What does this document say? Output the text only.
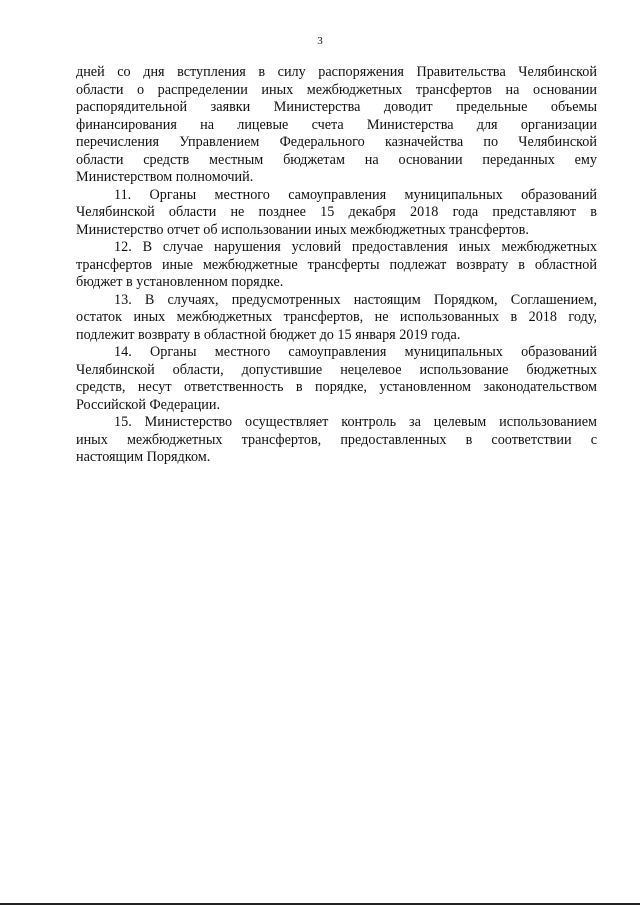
3
дней со дня вступления в силу распоряжения Правительства Челябинской
области о распределении иных межбюджетных трансфертов на основании
распорядительной заявки Министерства доводит предельные объемы
финансирования на лицевые счета Министерства для организации
перечисления Управлением Федерального казначейства по Челябинской
области средств местным бюджетам на основании переданных ему
Министерством полномочий.
11. Органы местного самоуправления муниципальных образований
Челябинской области не позднее 15 декабря 2018 года представляют в
Министерство отчет об использовании иных межбюджетных трансфертов.
12. В случае нарушения условий предоставления иных межбюджетных
трансфертов иные межбюджетные трансферты подлежат возврату в областной
бюджет в установленном порядке.
13. В случаях, предусмотренных настоящим Порядком, Соглашением,
остаток иных межбюджетных трансфертов, не использованных в 2018 году,
подлежит возврату в областной бюджет до 15 января 2019 года.
14. Органы местного самоуправления муниципальных образований
Челябинской области, допустившие нецелевое использование бюджетных
средств, несут ответственность в порядке, установленном законодательством
Российской Федерации.
15. Министерство осуществляет контроль за целевым использованием
иных межбюджетных трансфертов, предоставленных в соответствии с
настоящим Порядком.
